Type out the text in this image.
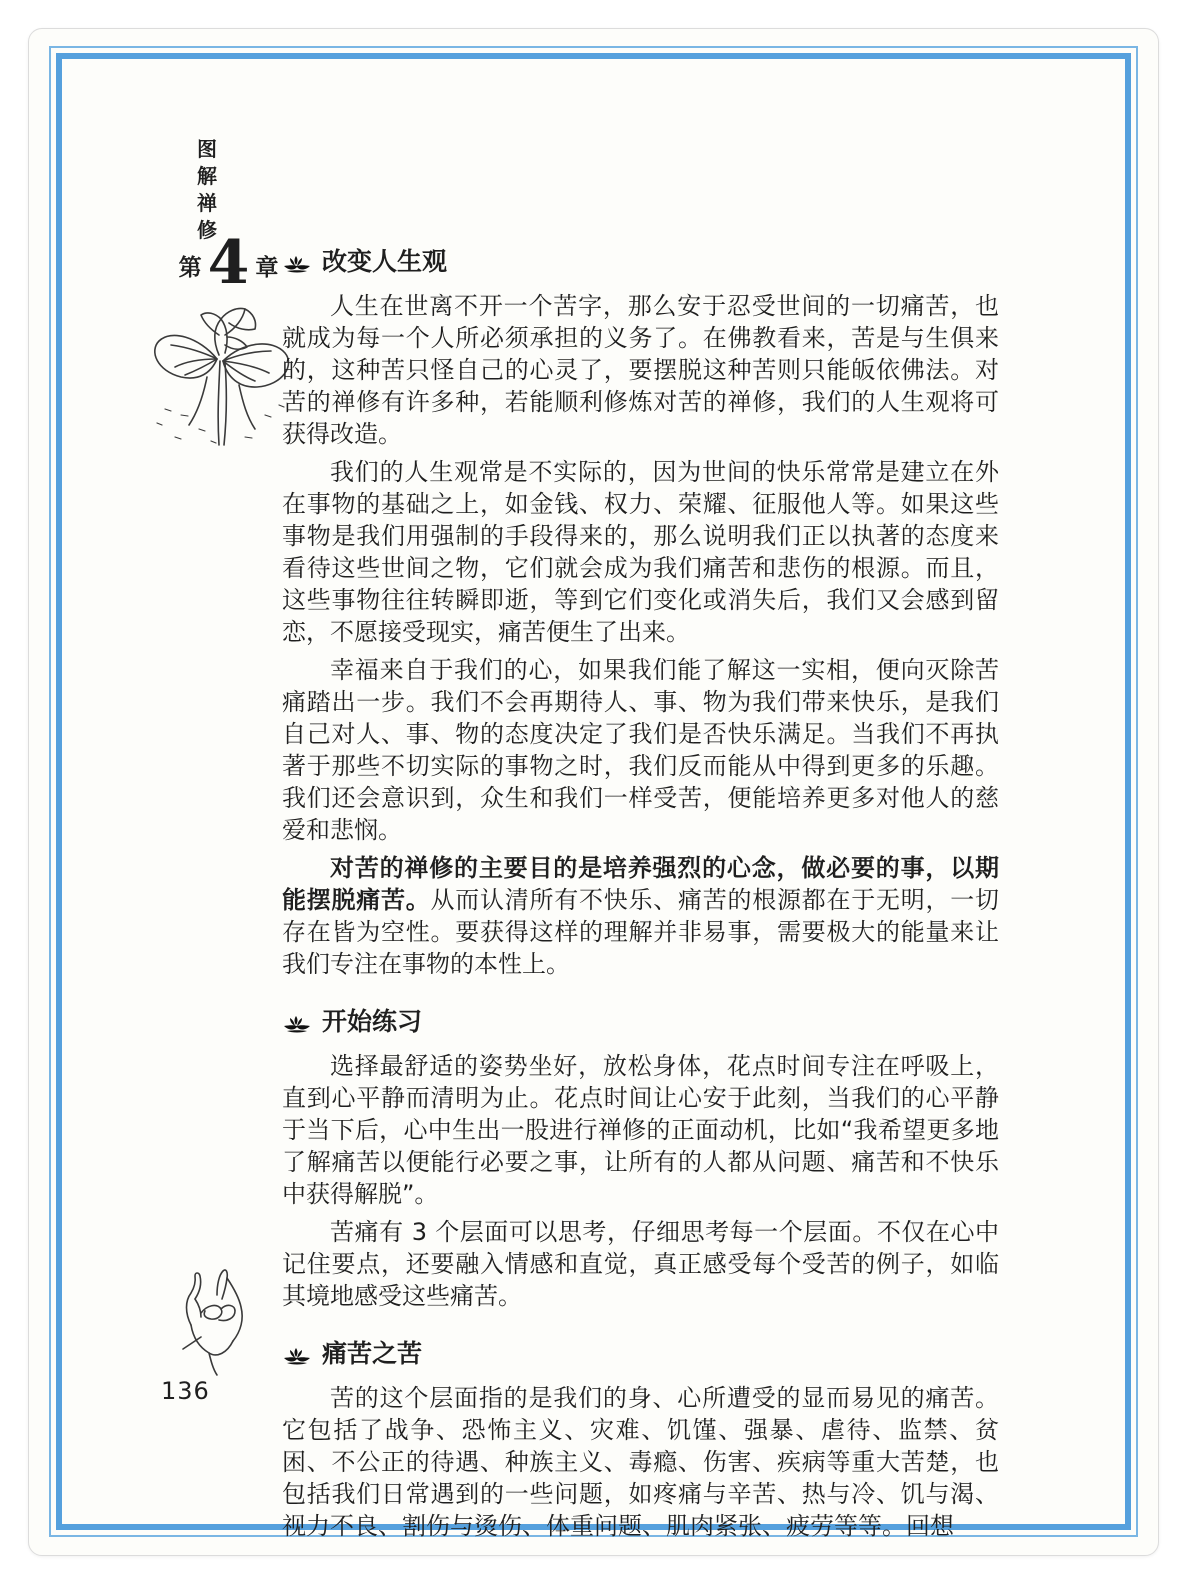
图
解
禅
修
第 4 章
136
改变人生观

人生在世离不开一个苦字，那么安于忍受世间的一切痛苦，也就成为每一个人所必须承担的义务了。在佛教看来，苦是与生俱来的，这种苦只怪自己的心灵了，要摆脱这种苦则只能皈依佛法。对苦的禅修有许多种，若能顺利修炼对苦的禅修，我们的人生观将可获得改造。

我们的人生观常是不实际的，因为世间的快乐常常是建立在外在事物的基础之上，如金钱、权力、荣耀、征服他人等。如果这些事物是我们用强制的手段得来的，那么说明我们正以执著的态度来看待这些世间之物，它们就会成为我们痛苦和悲伤的根源。而且，这些事物往往转瞬即逝，等到它们变化或消失后，我们又会感到留恋，不愿接受现实，痛苦便生了出来。

幸福来自于我们的心，如果我们能了解这一实相，便向灭除苦痛踏出一步。我们不会再期待人、事、物为我们带来快乐，是我们自己对人、事、物的态度决定了我们是否快乐满足。当我们不再执著于那些不切实际的事物之时，我们反而能从中得到更多的乐趣。我们还会意识到，众生和我们一样受苦，便能培养更多对他人的慈爱和悲悯。

对苦的禅修的主要目的是培养强烈的心念，做必要的事，以期能摆脱痛苦。从而认清所有不快乐、痛苦的根源都在于无明，一切存在皆为空性。要获得这样的理解并非易事，需要极大的能量来让我们专注在事物的本性上。

开始练习

选择最舒适的姿势坐好，放松身体，花点时间专注在呼吸上，直到心平静而清明为止。花点时间让心安于此刻，当我们的心平静于当下后，心中生出一股进行禅修的正面动机，比如“我希望更多地了解痛苦以便能行必要之事，让所有的人都从问题、痛苦和不快乐中获得解脱”。

苦痛有 3 个层面可以思考，仔细思考每一个层面。不仅在心中记住要点，还要融入情感和直觉，真正感受每个受苦的例子，如临其境地感受这些痛苦。

痛苦之苦

苦的这个层面指的是我们的身、心所遭受的显而易见的痛苦。它包括了战争、恐怖主义、灾难、饥馑、强暴、虐待、监禁、贫困、不公正的待遇、种族主义、毒瘾、伤害、疾病等重大苦楚，也包括我们日常遇到的一些问题，如疼痛与辛苦、热与冷、饥与渴、视力不良、割伤与烫伤、体重问题、肌肉紧张、疲劳等等。回想
